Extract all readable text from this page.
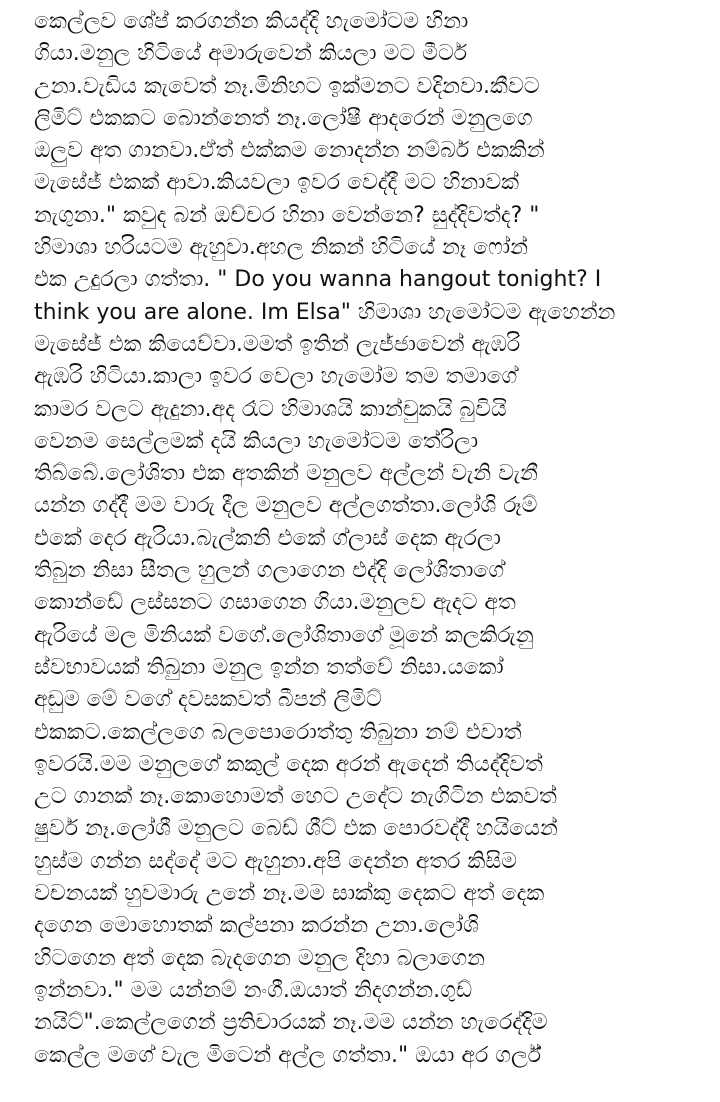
කෙල්ලව ශේප් කරගන්න කියද්දි හැමෝටම හිනා
ගියා.මනුල හිටියේ අමාරුවෙන් කියලා මට මීටර්
උනා.වැඩිය කැවෙත් නෑ.මිනිහට ඉක්මනට වදිනවා.කීවට
ලිමිට් එකකට බොන්නෙත් නෑ.ලෝෂී ආදරෙන් මනුලගෙ
ඔලුව අත ගානවා.ඒත් එක්කම නොදන්න නම්බර් එකකින්
මැසේජ් එකක් ආවා.කියවලා ඉවර වෙද්දී මට හිනාවක්
නැගුනා." කවුද බන් ඔච්චර හිනා වෙන්නෙ? සුද්දිවත්ද? "
හිමාශා හරියටම ඇහුවා.අහල නිකන් හිටියේ නෑ ෆෝන්
එක උදුරලා ගත්තා. " Do you wanna hangout tonight? I
think you are alone. Im Elsa" හිමාශා හැමෝටම ඇහෙන්න
මැසේජ් එක කියෙව්වා.මමත් ඉතින් ලැජ්ජාවෙන් ඇඹරි
ඇඹරි හිටියා.කාලා ඉවර වෙලා හැමෝම තම තමාගේ
කාමර වලට ඇදුනා.අද රෑට හිමාශයි කාන්චුකයි බුවියි
වෙනම සෙල්ලමක් දයි කියලා හැමෝටම තේරිලා
තිබ්බේ.ලෝශිතා එක අතකින් මනුලව අල්ලන් වැනි වැනී
යන්න ගද්දී මම වාරු දීල මනුලව අල්ලගත්තා.ලෝශි රූම්
එකේ දෙර ඇරියා.බැල්කනි එකේ ග්ලාස් දෙක ඇරලා
තිබුන නිසා සීතල හුලන් ගලාගෙන එද්දි ලෝශිතාගේ
කොන්ඩේ ලස්සනට ගසාගෙන ගියා.මනුලව ඇදට අත
ඇරියේ මල මිනියක් වගේ.ලෝශිතාගේ මූනේ කලකිරුනු
ස්වභාවයක් තිබුනා මනුල ඉන්න තත්වේ නිසා.යකෝ
අඩුම මේ වගේ දවසකවත් බීපන් ලිමිට්
එකකට.කෙල්ලගෙ බලපොරොත්තු තිබුනා නම් එවාත්
ඉවරයි.මම මනුලගේ කකුල් දෙක අරන් ඇදෙන් තියද්දිවත්
උට ගානක් නෑ.කොහොමත් හෙට උදේට නැගිටින එකවත්
ෂුවර් නෑ.ලෝශී මනුලට බෙඩ් ශීට් එක පොරවද්දී හයියෙන්
හුස්ම ගන්න සද්දේ මට ඇහුනා.අපි දෙන්න අතර කිසිම
වචනයක් හුවමාරු උනේ නෑ.මම සාක්කු දෙකට අත් දෙක
දගෙන මොහොතක් කල්පනා කරන්න උනා.ලෝශි
හිටගෙන අත් දෙක බැදගෙන මනුල දිහා බලාගෙන
ඉන්නවා." මම යන්නම් නංගී.ඔයාත් නිදගන්න.ගුඩ්
නයිට්".කෙල්ලගෙන් ප්‍රතිචාරයක් නෑ.මම යන්න හැරෙද්දිම
කෙල්ල මගේ වැල මිටෙන් අල්ල ගත්තා." ඔයා අර ගර්ල්
